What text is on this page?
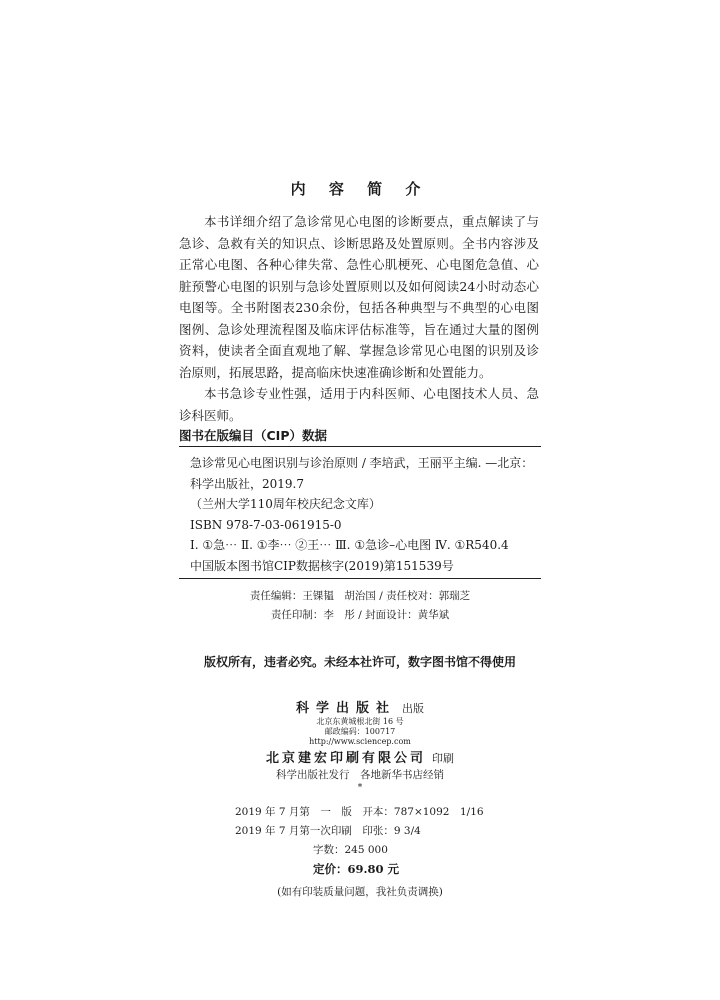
内 容 简 介

本书详细介绍了急诊常见心电图的诊断要点，重点解读了与急诊、急救有关的知识点、诊断思路及处置原则。全书内容涉及正常心电图、各种心律失常、急性心肌梗死、心电图危急值、心脏预警心电图的识别与急诊处置原则以及如何阅读24小时动态心电图等。全书附图表230余份，包括各种典型与不典型的心电图图例、急诊处理流程图及临床评估标准等，旨在通过大量的图例资料，使读者全面直观地了解、掌握急诊常见心电图的识别及诊治原则，拓展思路，提高临床快速准确诊断和处置能力。

本书急诊专业性强，适用于内科医师、心电图技术人员、急诊科医师。

图书在版编目（CIP）数据
急诊常见心电图识别与诊治原则 / 李培武，王丽平主编. —北京：
科学出版社，2019.7
（兰州大学110周年校庆纪念文库）
ISBN 978-7-03-061915-0
Ⅰ. ①急⋯ Ⅱ. ①李⋯ ②王⋯ Ⅲ. ①急诊–心电图 Ⅳ. ①R540.4
中国版本图书馆CIP数据核字(2019)第151539号
责任编辑：王锞韫　胡治国 / 责任校对：郭瑞芝
责任印制：李　彤 / 封面设计：黄华斌
版权所有，违者必究。未经本社许可，数字图书馆不得使用
科学出版社 出版
北京东黄城根北街 16 号
邮政编码：100717
http://www.sciencep.com
北京建宏印刷有限公司 印刷
科学出版社发行　各地新华书店经销
*
2019 年 7 月第　一　版　开本：787×1092　1/16
2019 年 7 月第一次印刷　印张：9 3/4
字数：245 000
定价：69.80 元
(如有印装质量问题，我社负责调换)
